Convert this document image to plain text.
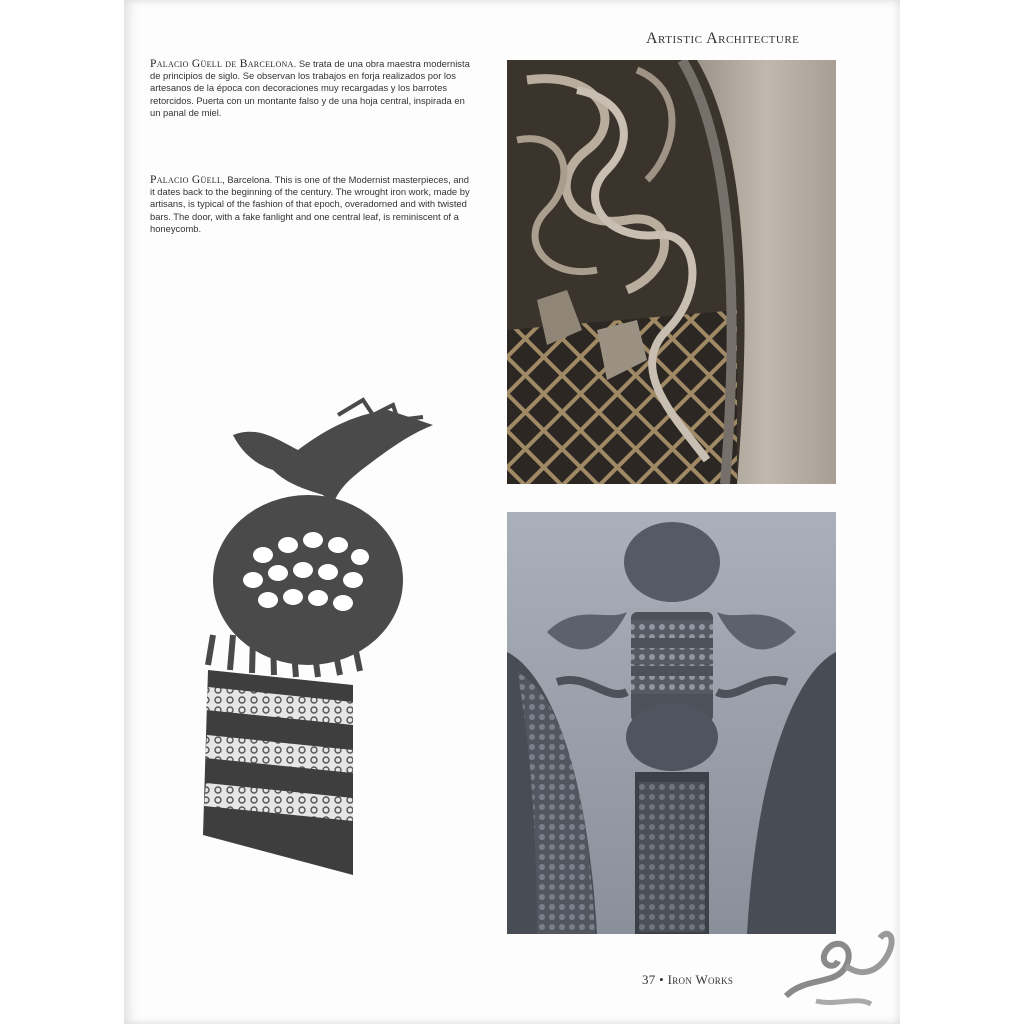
Artistic Architecture
Palacio Güell de Barcelona. Se trata de una obra maestra modernista de principios de siglo. Se observan los trabajos en forja realizados por los artesanos de la época con decoraciones muy recargadas y los barrotes retorcidos. Puerta con un montante falso y de una hoja central, inspirada en un panal de miel.
Palacio Güell, Barcelona. This is one of the Modernist masterpieces, and it dates back to the beginning of the century. The wrought iron work, made by artisans, is typical of the fashion of that epoch, overadorned and with twisted bars. The door, with a fake fanlight and one central leaf, is reminiscent of a honeycomb.
37 • Iron Works
